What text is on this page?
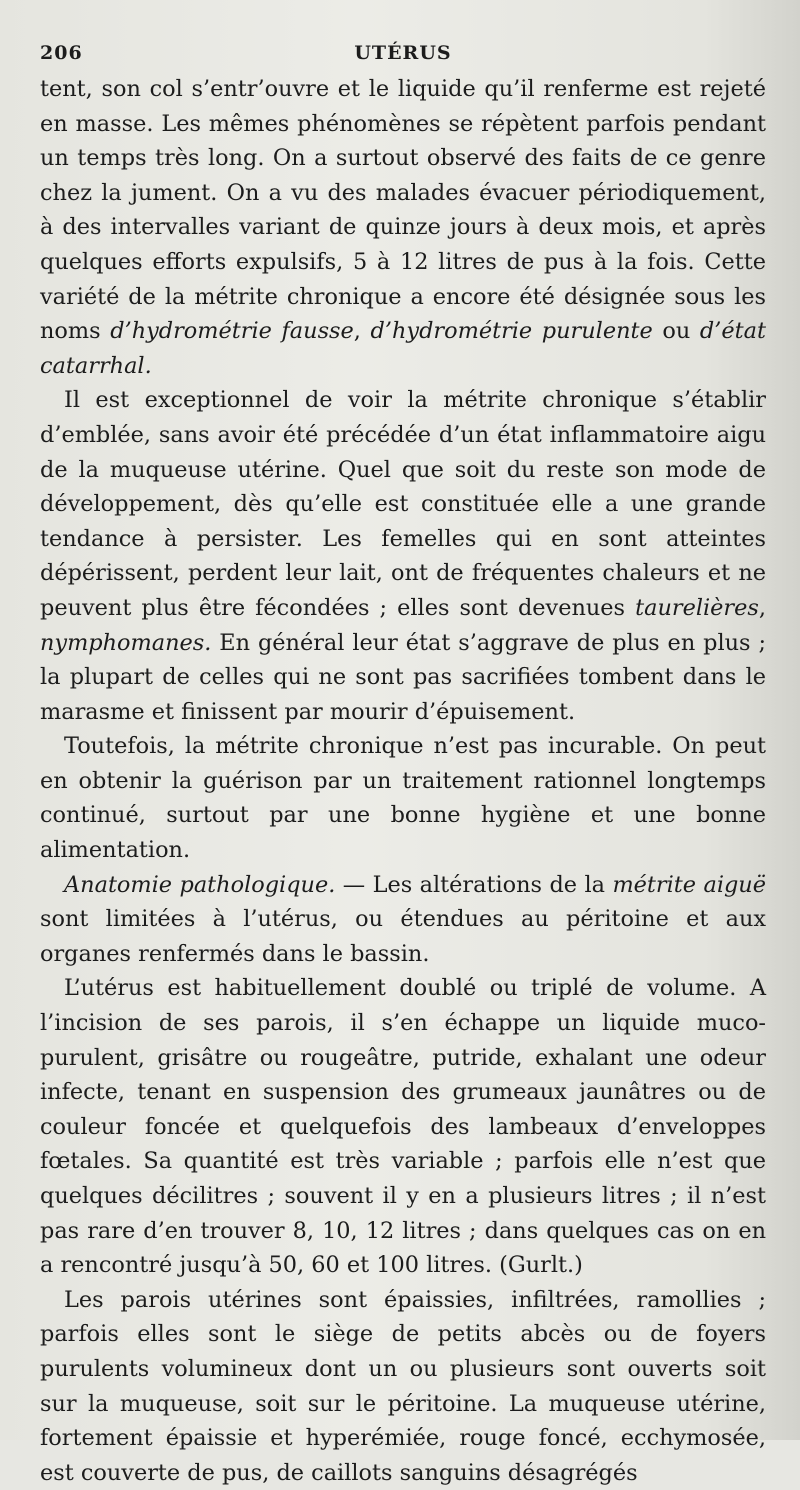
206	UTÉRUS

tent, son col s’entr’ouvre et le liquide qu’il renferme est rejeté en masse. Les mêmes phénomènes se répètent parfois pendant un temps très long. On a surtout observé des faits de ce genre chez la jument. On a vu des malades évacuer périodiquement, à des intervalles variant de quinze jours à deux mois, et après quelques efforts expulsifs, 5 à 12 litres de pus à la fois. Cette variété de la métrite chronique a encore été désignée sous les noms d’hydrométrie fausse, d’hydrométrie purulente ou d’état catarrhal.

Il est exceptionnel de voir la métrite chronique s’établir d’emblée, sans avoir été précédée d’un état inflammatoire aigu de la muqueuse utérine. Quel que soit du reste son mode de développement, dès qu’elle est constituée elle a une grande tendance à persister. Les femelles qui en sont atteintes dépérissent, perdent leur lait, ont de fréquentes chaleurs et ne peuvent plus être fécondées ; elles sont devenues taurelières, nymphomanes. En général leur état s’aggrave de plus en plus ; la plupart de celles qui ne sont pas sacrifiées tombent dans le marasme et finissent par mourir d’épuisement.

Toutefois, la métrite chronique n’est pas incurable. On peut en obtenir la guérison par un traitement rationnel longtemps continué, surtout par une bonne hygiène et une bonne alimentation.

Anatomie pathologique. — Les altérations de la métrite aiguë sont limitées à l’utérus, ou étendues au péritoine et aux organes renfermés dans le bassin.

L’utérus est habituellement doublé ou triplé de volume. A l’incision de ses parois, il s’en échappe un liquide muco-purulent, grisâtre ou rougeâtre, putride, exhalant une odeur infecte, tenant en suspension des grumeaux jaunâtres ou de couleur foncée et quelquefois des lambeaux d’enveloppes fœtales. Sa quantité est très variable ; parfois elle n’est que quelques décilitres ; souvent il y en a plusieurs litres ; il n’est pas rare d’en trouver 8, 10, 12 litres ; dans quelques cas on en a rencontré jusqu’à 50, 60 et 100 litres. (Gurlt.)

Les parois utérines sont épaissies, infiltrées, ramollies ; parfois elles sont le siège de petits abcès ou de foyers purulents volumineux dont un ou plusieurs sont ouverts soit sur la muqueuse, soit sur le péritoine. La muqueuse utérine, fortement épaissie et hyperémiée, rouge foncé, ecchymosée, est couverte de pus, de caillots sanguins désagrégés
